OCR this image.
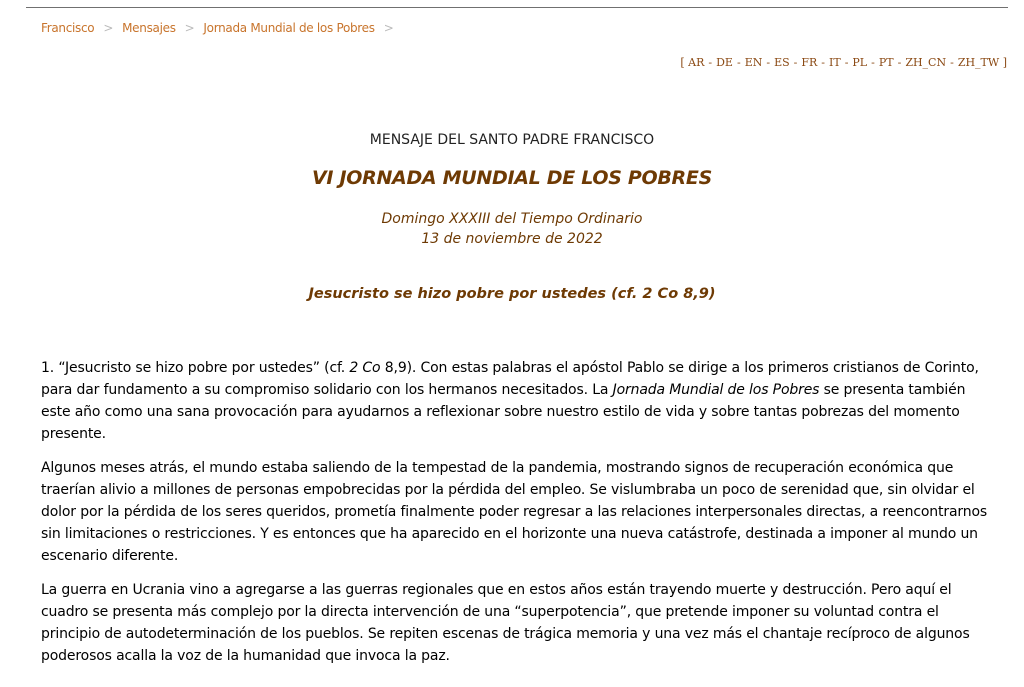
Francisco > Mensajes > Jornada Mundial de los Pobres >
[ AR - DE - EN - ES - FR - IT - PL - PT - ZH_CN - ZH_TW ]
MENSAJE DEL SANTO PADRE FRANCISCO
VI JORNADA MUNDIAL DE LOS POBRES
Domingo XXXIII del Tiempo Ordinario
13 de noviembre de 2022
Jesucristo se hizo pobre por ustedes (cf. 2 Co 8,9)

1. “Jesucristo se hizo pobre por ustedes” (cf. 2 Co 8,9). Con estas palabras el apóstol Pablo se dirige a los primeros cristianos de Corinto, para dar fundamento a su compromiso solidario con los hermanos necesitados. La Jornada Mundial de los Pobres se presenta también este año como una sana provocación para ayudarnos a reflexionar sobre nuestro estilo de vida y sobre tantas pobrezas del momento presente.

Algunos meses atrás, el mundo estaba saliendo de la tempestad de la pandemia, mostrando signos de recuperación económica que traerían alivio a millones de personas empobrecidas por la pérdida del empleo. Se vislumbraba un poco de serenidad que, sin olvidar el dolor por la pérdida de los seres queridos, prometía finalmente poder regresar a las relaciones interpersonales directas, a reencontrarnos sin limitaciones o restricciones. Y es entonces que ha aparecido en el horizonte una nueva catástrofe, destinada a imponer al mundo un escenario diferente.

La guerra en Ucrania vino a agregarse a las guerras regionales que en estos años están trayendo muerte y destrucción. Pero aquí el cuadro se presenta más complejo por la directa intervención de una “superpotencia”, que pretende imponer su voluntad contra el principio de autodeterminación de los pueblos. Se repiten escenas de trágica memoria y una vez más el chantaje recíproco de algunos poderosos acalla la voz de la humanidad que invoca la paz.
